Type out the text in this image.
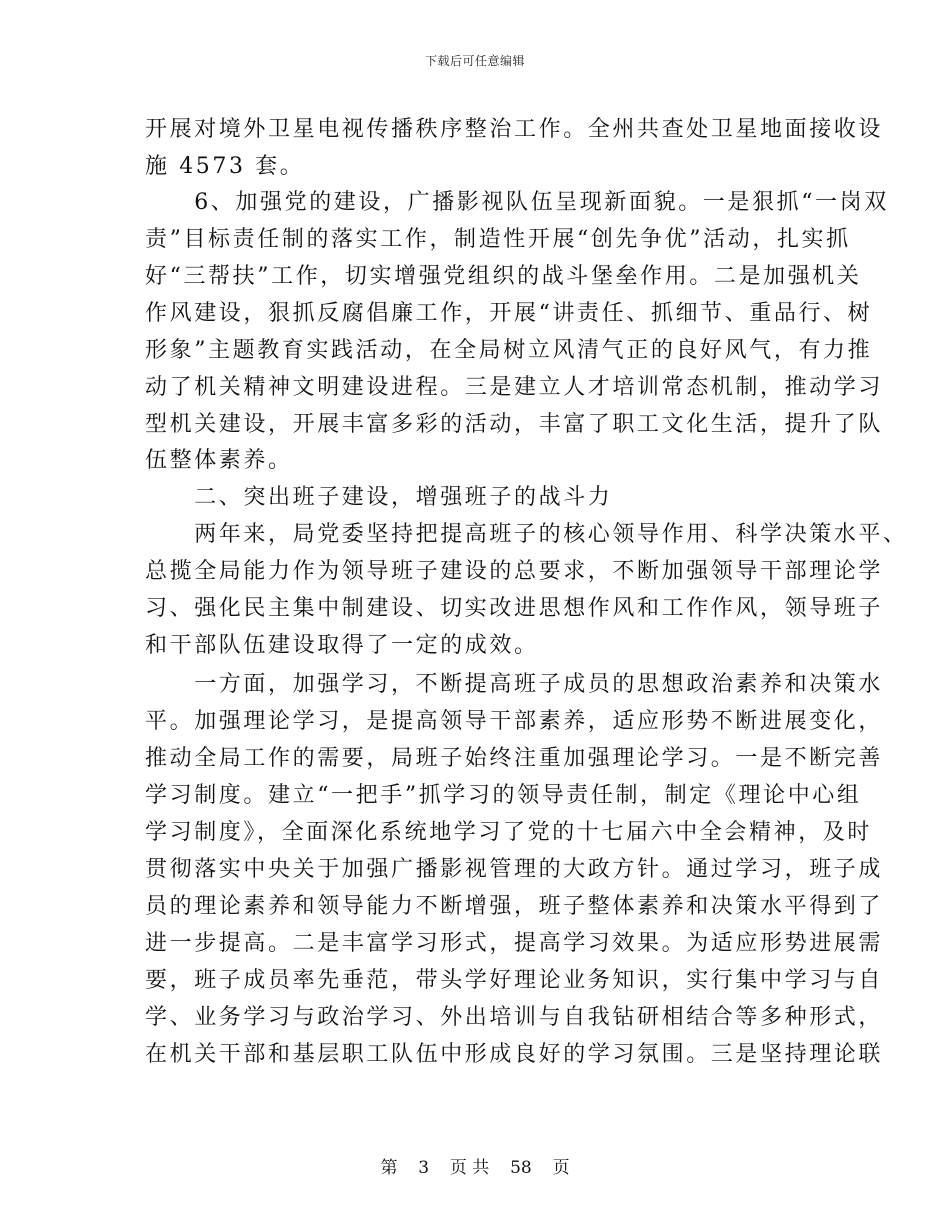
下载后可任意编辑
开展对境外卫星电视传播秩序整治工作。全州共查处卫星地面接收设
施 4573 套。
　　6、加强党的建设，广播影视队伍呈现新面貌。一是狠抓“一岗双
责”目标责任制的落实工作，制造性开展“创先争优”活动，扎实抓
好“三帮扶”工作，切实增强党组织的战斗堡垒作用。二是加强机关
作风建设，狠抓反腐倡廉工作，开展“讲责任、抓细节、重品行、树
形象”主题教育实践活动，在全局树立风清气正的良好风气，有力推
动了机关精神文明建设进程。三是建立人才培训常态机制，推动学习
型机关建设，开展丰富多彩的活动，丰富了职工文化生活，提升了队
伍整体素养。
　　二、突出班子建设，增强班子的战斗力
　　两年来，局党委坚持把提高班子的核心领导作用、科学决策水平、
总揽全局能力作为领导班子建设的总要求，不断加强领导干部理论学
习、强化民主集中制建设、切实改进思想作风和工作作风，领导班子
和干部队伍建设取得了一定的成效。
　　一方面，加强学习，不断提高班子成员的思想政治素养和决策水
平。加强理论学习，是提高领导干部素养，适应形势不断进展变化，
推动全局工作的需要，局班子始终注重加强理论学习。一是不断完善
学习制度。建立“一把手”抓学习的领导责任制，制定《理论中心组
学习制度》，全面深化系统地学习了党的十七届六中全会精神，及时
贯彻落实中央关于加强广播影视管理的大政方针。通过学习，班子成
员的理论素养和领导能力不断增强，班子整体素养和决策水平得到了
进一步提高。二是丰富学习形式，提高学习效果。为适应形势进展需
要，班子成员率先垂范，带头学好理论业务知识，实行集中学习与自
学、业务学习与政治学习、外出培训与自我钻研相结合等多种形式，
在机关干部和基层职工队伍中形成良好的学习氛围。三是坚持理论联
第 3 页 共 58 页
